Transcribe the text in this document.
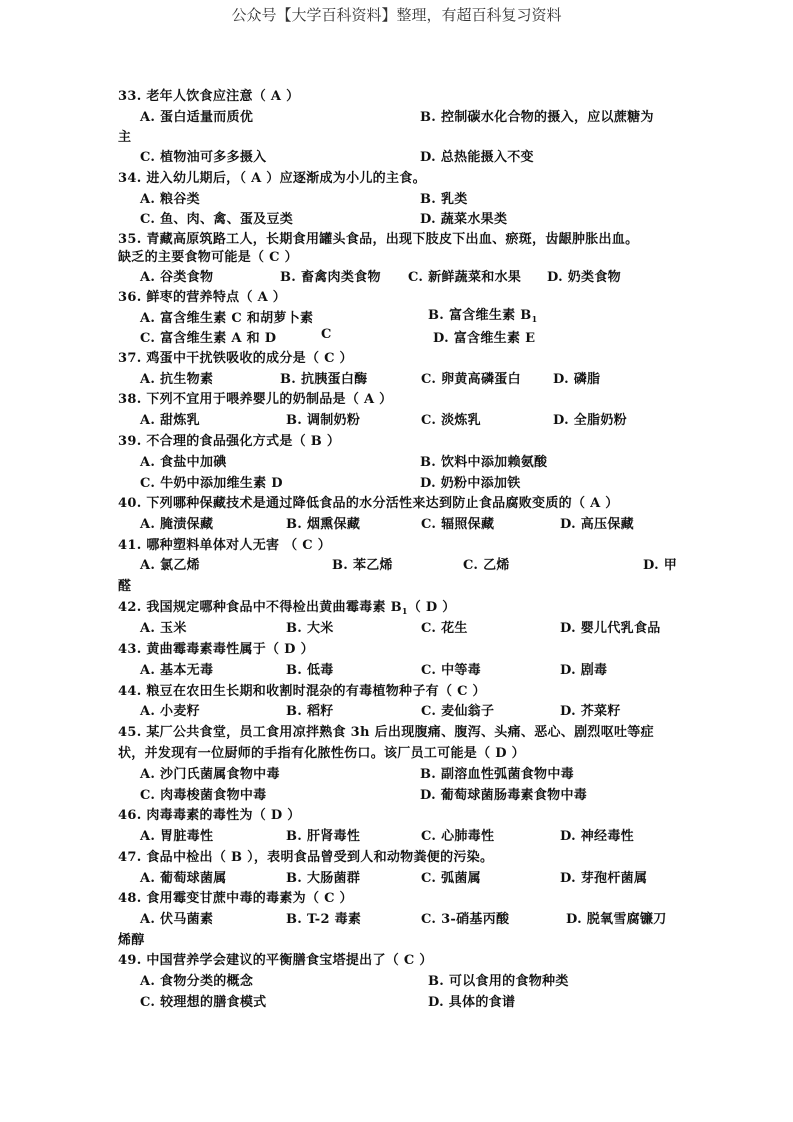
公众号【大学百科资料】整理，有超百科复习资料
33. 老年人饮食应注意（ A ）
A. 蛋白适量而质优	B. 控制碳水化合物的摄入，应以蔗糖为
主
C. 植物油可多多摄入	D. 总热能摄入不变
34. 进入幼儿期后，（ A ）应逐渐成为小儿的主食。
A. 粮谷类	B. 乳类
C. 鱼、肉、禽、蛋及豆类	D. 蔬菜水果类
35. 青藏高原筑路工人，长期食用罐头食品，出现下肢皮下出血、瘀斑，齿龈肿胀出血。
缺乏的主要食物可能是（ C ）
A. 谷类食物	B. 畜禽肉类食物 C. 新鲜蔬菜和水果 D. 奶类食物
36. 鲜枣的营养特点（ A ）
A. 富含维生素 C 和胡萝卜素	B. 富含维生素 $B_1$
C. 富含维生素 A 和 D	C	D. 富含维生素 E
37. 鸡蛋中干扰铁吸收的成分是（ C ）
A. 抗生物素	B. 抗胰蛋白酶	C. 卵黄高磷蛋白 D. 磷脂
38. 下列不宜用于喂养婴儿的奶制品是（ A ）
A. 甜炼乳	B. 调制奶粉	C. 淡炼乳	D. 全脂奶粉
39. 不合理的食品强化方式是（ B ）
A. 食盐中加碘	B. 饮料中添加赖氨酸
C. 牛奶中添加维生素 D	D. 奶粉中添加铁
40. 下列哪种保藏技术是通过降低食品的水分活性来达到防止食品腐败变质的（ A ）
A. 腌渍保藏	B. 烟熏保藏	C. 辐照保藏	D. 高压保藏
41. 哪种塑料单体对人无害 （ C ）
A. 氯乙烯	B. 苯乙烯	C. 乙烯	D. 甲
醛
42. 我国规定哪种食品中不得检出黄曲霉毒素 $B_1$（ D ）
A. 玉米	B. 大米	C. 花生	D. 婴儿代乳食品
43. 黄曲霉毒素毒性属于（ D ）
A. 基本无毒	B. 低毒	C. 中等毒	D. 剧毒
44. 粮豆在农田生长期和收割时混杂的有毒植物种子有（ C ）
A. 小麦籽	B. 稻籽	C. 麦仙翁子	D. 芥菜籽
45. 某厂公共食堂，员工食用凉拌熟食 3h 后出现腹痛、腹泻、头痛、恶心、剧烈呕吐等症
状，并发现有一位厨师的手指有化脓性伤口。该厂员工可能是（ D ）
A. 沙门氏菌属食物中毒	B. 副溶血性弧菌食物中毒
C. 肉毒梭菌食物中毒	D. 葡萄球菌肠毒素食物中毒
46. 肉毒毒素的毒性为（ D ）
A. 胃脏毒性	B. 肝肾毒性	C. 心肺毒性	D. 神经毒性
47. 食品中检出（ B ），表明食品曾受到人和动物粪便的污染。
A. 葡萄球菌属	B. 大肠菌群	C. 弧菌属	D. 芽孢杆菌属
48. 食用霉变甘蔗中毒的毒素为（ C ）
A. 伏马菌素	B. T-2 毒素	C. 3-硝基丙酸	D. 脱氧雪腐镰刀
烯醇
49. 中国营养学会建议的平衡膳食宝塔提出了（ C ）
A. 食物分类的概念	B. 可以食用的食物种类
C. 较理想的膳食模式	D. 具体的食谱
